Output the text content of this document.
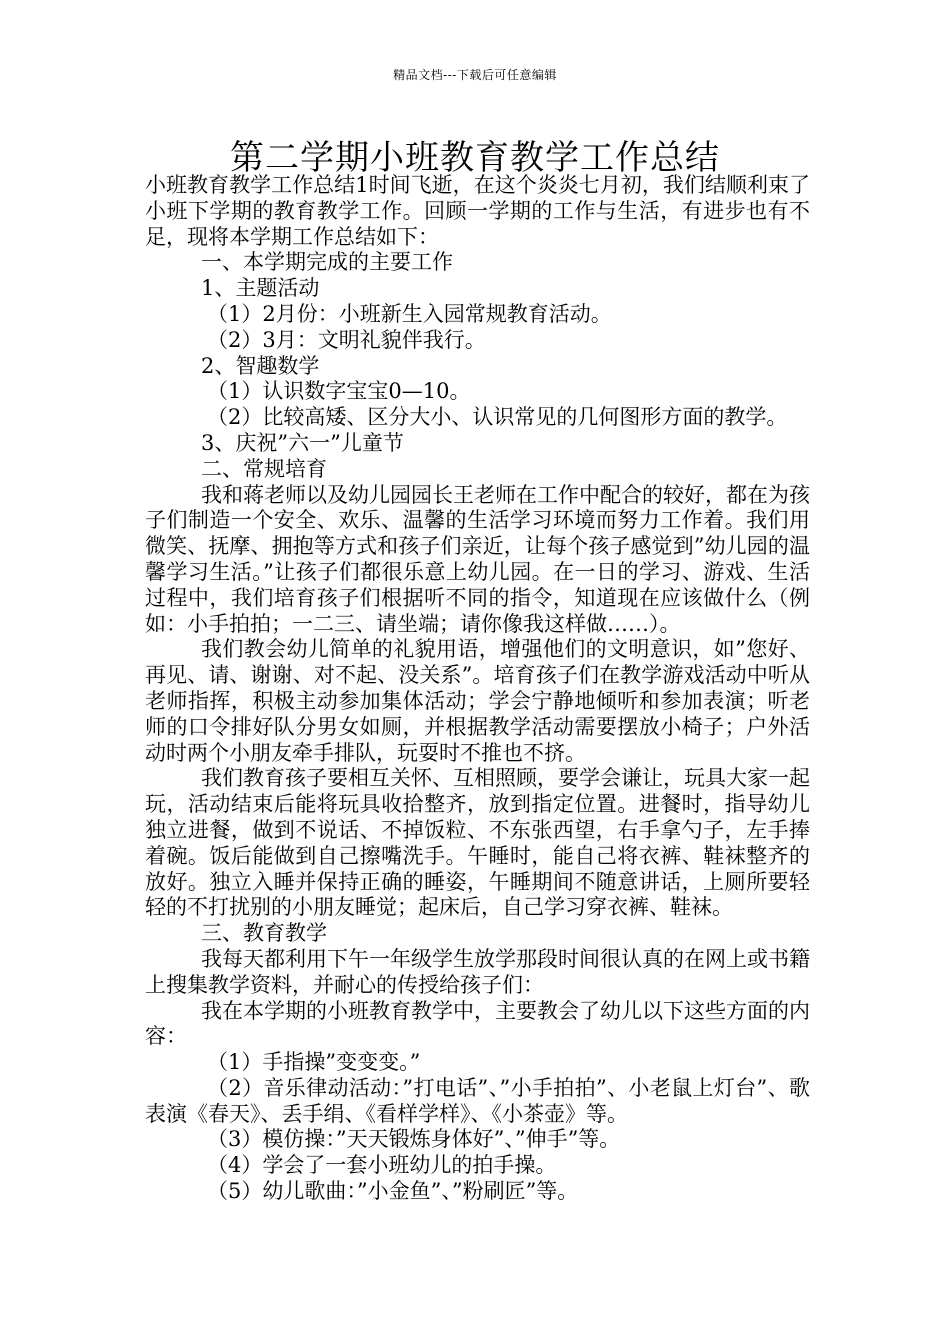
精品文档---下载后可任意编辑
第二学期小班教育教学工作总结

小班教育教学工作总结1时间飞逝，在这个炎炎七月初，我们结顺利束了小班下学期的教育教学工作。回顾一学期的工作与生活，有进步也有不足，现将本学期工作总结如下：

一、本学期完成的主要工作

1、主题活动

（1）2月份：小班新生入园常规教育活动。

（2）3月：文明礼貌伴我行。

2、智趣数学

（1）认识数字宝宝0—10。

（2）比较高矮、区分大小、认识常见的几何图形方面的教学。

3、庆祝”六一”儿童节

二、常规培育

我和蒋老师以及幼儿园园长王老师在工作中配合的较好，都在为孩子们制造一个安全、欢乐、温馨的生活学习环境而努力工作着。我们用微笑、抚摩、拥抱等方式和孩子们亲近，让每个孩子感觉到”幼儿园的温馨学习生活。”让孩子们都很乐意上幼儿园。在一日的学习、游戏、生活过程中，我们培育孩子们根据听不同的指令，知道现在应该做什么（例如：小手拍拍；一二三、请坐端；请你像我这样做……）。

我们教会幼儿简单的礼貌用语，增强他们的文明意识，如”您好、再见、请、谢谢、对不起、没关系”。培育孩子们在教学游戏活动中听从老师指挥，积极主动参加集体活动；学会宁静地倾听和参加表演；听老师的口令排好队分男女如厕，并根据教学活动需要摆放小椅子；户外活动时两个小朋友牵手排队，玩耍时不推也不挤。

我们教育孩子要相互关怀、互相照顾，要学会谦让，玩具大家一起玩，活动结束后能将玩具收拾整齐，放到指定位置。进餐时，指导幼儿独立进餐，做到不说话、不掉饭粒、不东张西望，右手拿勺子，左手捧着碗。饭后能做到自己擦嘴洗手。午睡时，能自己将衣裤、鞋袜整齐的放好。独立入睡并保持正确的睡姿，午睡期间不随意讲话，上厕所要轻轻的不打扰别的小朋友睡觉；起床后，自己学习穿衣裤、鞋袜。

三、教育教学

我每天都利用下午一年级学生放学那段时间很认真的在网上或书籍上搜集教学资料，并耐心的传授给孩子们：

我在本学期的小班教育教学中，主要教会了幼儿以下这些方面的内容：

（1）手指操”变变变。”

（2）音乐律动活动：”打电话”、”小手拍拍”、小老鼠上灯台”、歌表演《春天》、丢手绢、《看样学样》、《小茶壶》等。

（3）模仿操：”天天锻炼身体好”、”伸手”等。

（4）学会了一套小班幼儿的拍手操。

（5）幼儿歌曲：”小金鱼”、”粉刷匠”等。
